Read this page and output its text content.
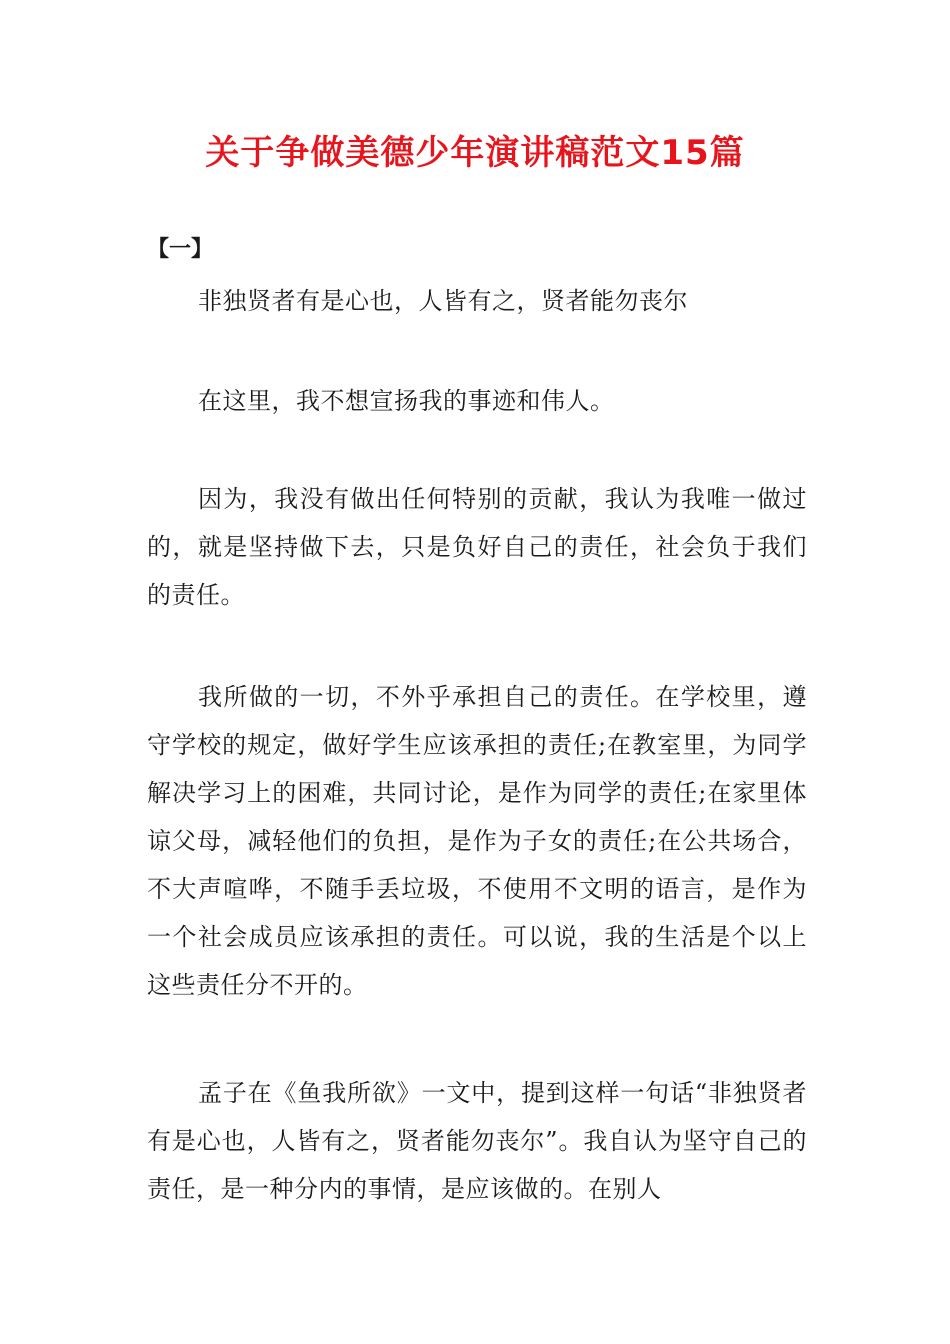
关于争做美德少年演讲稿范文15篇
【一】

非独贤者有是心也，人皆有之，贤者能勿丧尔

在这里，我不想宣扬我的事迹和伟人。

因为，我没有做出任何特别的贡献，我认为我唯一做过的，就是坚持做下去，只是负好自己的责任，社会负于我们的责任。

我所做的一切，不外乎承担自己的责任。在学校里，遵守学校的规定，做好学生应该承担的责任;在教室里，为同学解决学习上的困难，共同讨论，是作为同学的责任;在家里体谅父母，减轻他们的负担，是作为子女的责任;在公共场合，不大声喧哗，不随手丢垃圾，不使用不文明的语言，是作为一个社会成员应该承担的责任。可以说，我的生活是个以上这些责任分不开的。

孟子在《鱼我所欲》一文中，提到这样一句话“非独贤者有是心也，人皆有之，贤者能勿丧尔”。我自认为坚守自己的责任，是一种分内的事情，是应该做的。在别人
